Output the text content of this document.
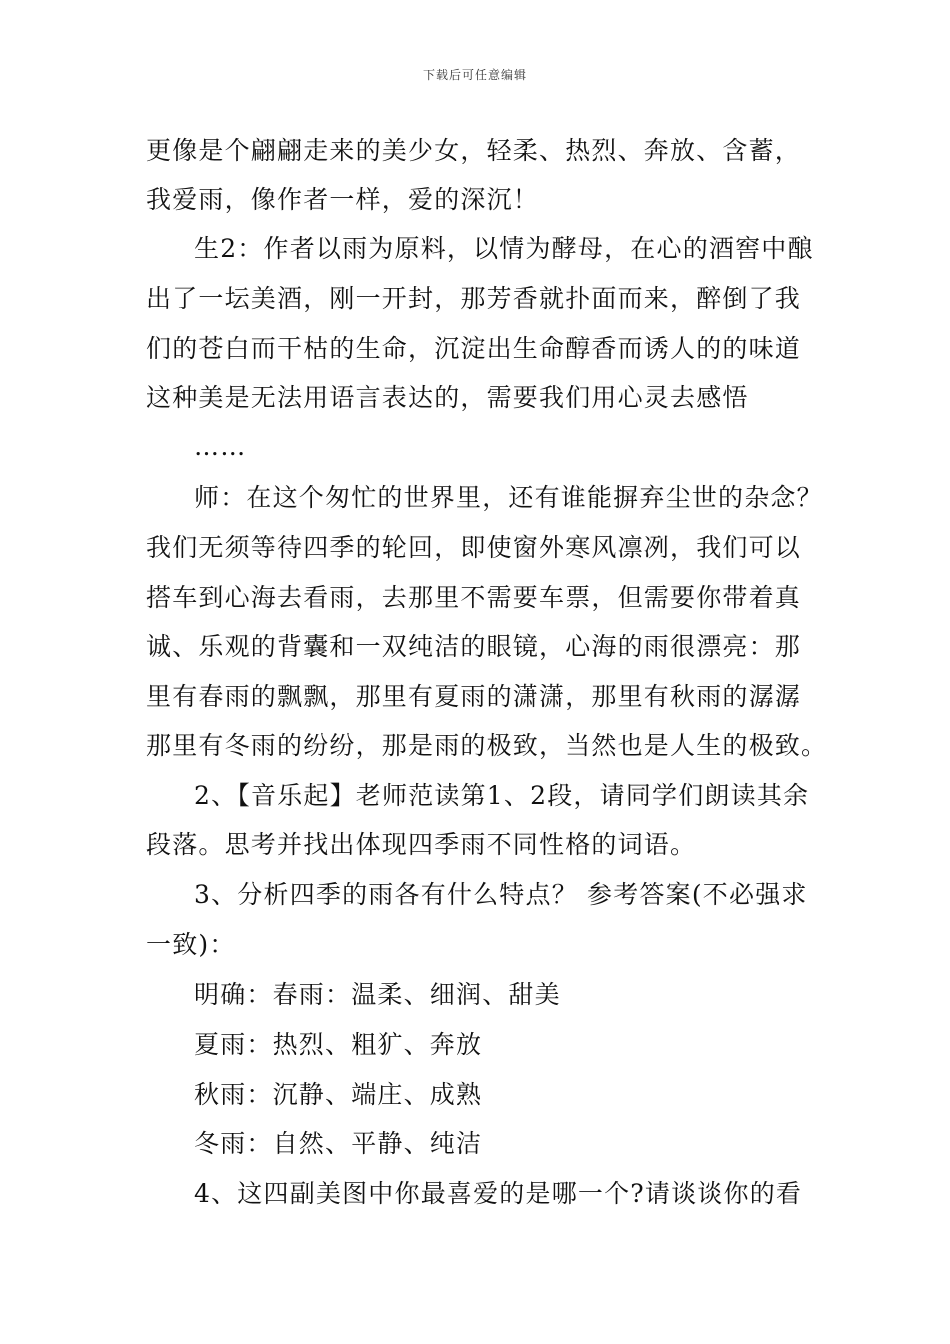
下载后可任意编辑
更像是个翩翩走来的美少女，轻柔、热烈、奔放、含蓄，
我爱雨，像作者一样，爱的深沉！
生2：作者以雨为原料，以情为酵母，在心的酒窖中酿
出了一坛美酒，刚一开封，那芳香就扑面而来，醉倒了我
们的苍白而干枯的生命，沉淀出生命醇香而诱人的的味道
这种美是无法用语言表达的，需要我们用心灵去感悟
……
师：在这个匆忙的世界里，还有谁能摒弃尘世的杂念？
我们无须等待四季的轮回，即使窗外寒风凛冽，我们可以
搭车到心海去看雨，去那里不需要车票，但需要你带着真
诚、乐观的背囊和一双纯洁的眼镜，心海的雨很漂亮：那
里有春雨的飘飘，那里有夏雨的潇潇，那里有秋雨的潺潺
那里有冬雨的纷纷，那是雨的极致，当然也是人生的极致。
2、【音乐起】老师范读第1、2段，请同学们朗读其余
段落。思考并找出体现四季雨不同性格的词语。
3、分析四季的雨各有什么特点？ 参考答案(不必强求
一致)：
明确：春雨：温柔、细润、甜美
夏雨：热烈、粗犷、奔放
秋雨：沉静、端庄、成熟
冬雨：自然、平静、纯洁
4、这四副美图中你最喜爱的是哪一个?请谈谈你的看
